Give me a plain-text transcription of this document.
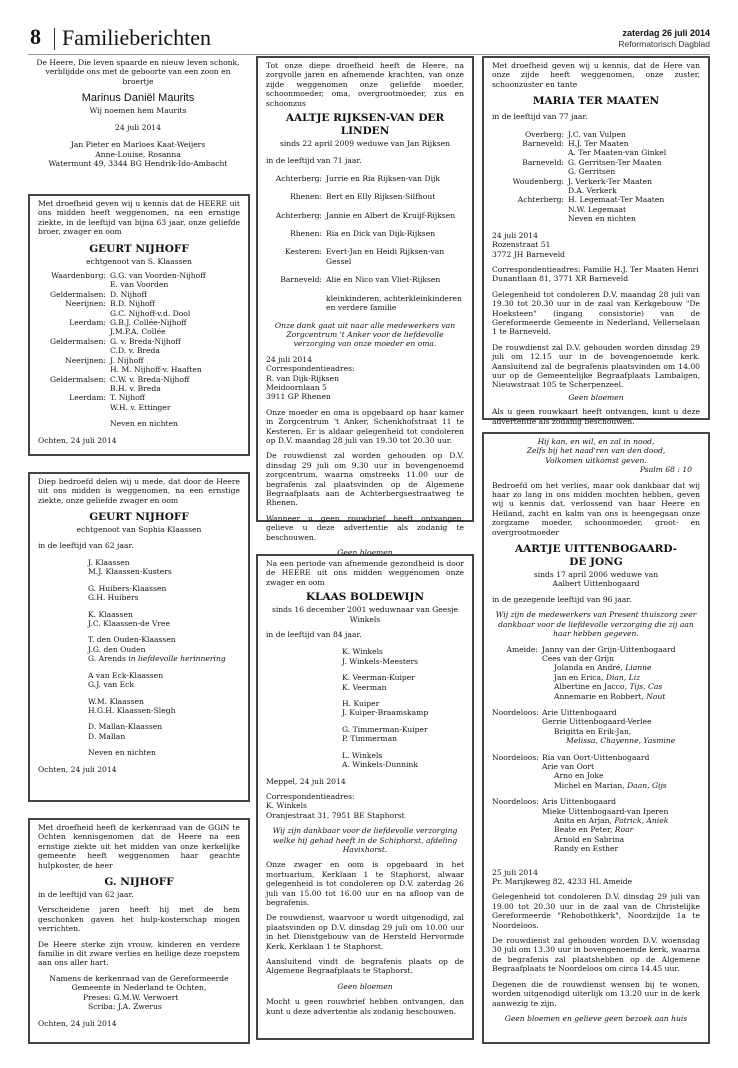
8 Familieberichten	zaterdag 26 juli 2014
Reformatorisch Dagblad

De Heere, Die leven spaarde en nieuw leven schonk, verblijdde ons met de geboorte van een zoon en broertje

Marinus Daniël Maurits
Wij noemen hem Maurits
24 juli 2014
Jan Pieter en Marloes Kaat-Weijers
Anne-Louise, Rosanna
Watermunt 49, 3344 BG Hendrik-Ido-Ambacht

Met droefheid geven wij u kennis dat de HEERE uit ons midden heeft weggenomen, na een ernstige ziekte, in de leeftijd van bijna 63 jaar, onze geliefde broer, zwager en oom

GEURT NIJHOFF
echtgenoot van S. Klaassen
Waardenburg: G.G. van Voorden-Nijhoff
E. van Voorden
Geldermalsen: D. Nijhoff
Neerijnen: B.D. Nijhoff
G.C. Nijhoff-v.d. Dool
Leerdam: G.B.J. Collée-Nijhoff
J.M.P.A. Collée
Geldermalsen: G. v. Breda-Nijhoff
C.D. v. Breda
Neerijnen: J. Nijhoff
H. M. Nijhoff-v. Haaften
Geldermalsen: C.W. v. Breda-Nijhoff
B.H. v. Breda
Leerdam: T. Nijhoff
W.H. v. Ettinger
Neven en nichten
Ochten, 24 juli 2014

Diep bedroefd delen wij u mede, dat door de Heere uit ons midden is weggenomen, na een ernstige ziekte, onze geliefde zwager en oom

GEURT NIJHOFF
echtgenoot van Sophia Klaassen
in de leeftijd van 62 jaar.
J. Klaassen
M.J. Klaassen-Kusters
G. Huibers-Klaassen
G.H. Huibers
K. Klaassen
J.C. Klaassen-de Vree
T. den Ouden-Klaassen
J.G. den Ouden
G. Arends in liefdevolle herinnering
A van Eck-Klaassen
G.J. van Eck
W.M. Klaassen
H.G.H. Klaassen-Slegh
D. Mallan-Klaassen
D. Mallan
Neven en nichten
Ochten, 24 juli 2014

Met droefheid heeft de kerkenraad van de GGiN te Ochten kennisgenomen dat de Heere na een ernstige ziekte uit het midden van onze kerkelijke gemeente heeft weggenomen haar geachte hulpkoster, de heer

G. NIJHOFF
in de leeftijd van 62 jaar.

Verscheidene jaren heeft hij met de hem geschonken gaven het hulp-kosterschap mogen verrichten.

De Heere sterke zijn vrouw, kinderen en verdere familie in dit zware verlies en heilige deze roepstem aan ons aller hart.

Namens de kerkenraad van de Gereformeerde Gemeente in Nederland te Ochten,
Preses: G.M.W. Verwoert
Scriba: J.A. Zwerus
Ochten, 24 juli 2014

Tot onze diepe droefheid heeft de Heere, na zorgvolle jaren en afnemende krachten, van onze zijde weggenomen onze geliefde moeder, schoonmoeder, oma, overgrootmoeder, zus en schoonzus

AALTJE RIJKSEN-VAN DER LINDEN
sinds 22 april 2009 weduwe van Jan Rijksen
in de leeftijd van 71 jaar.
Achterberg: Jurrie en Ria Rijksen-van Dijk
Rhenen: Bert en Elly Rijksen-Silfhout
Achterberg: Jannie en Albert de Kruijf-Rijksen
Rhenen: Ria en Dick van Dijk-Rijksen
Kesteren: Evert-Jan en Heidi Rijksen-van Gessel
Barneveld: Alie en Nico van Vliet-Rijksen
kleinkinderen, achterkleinkinderen
en verdere familie

Onze dank gaat uit naar alle medewerkers van Zorgcentrum 't Anker voor de liefdevolle verzorging van onze moeder en oma.

24 juli 2014
Correspondentieadres:
R. van Dijk-Rijksen
Meidoornlaan 5
3911 GP Rhenen

Onze moeder en oma is opgebaard op haar kamer in Zorgcentrum 't Anker, Schenkhofstraat 11 te Kesteren. Er is aldaar gelegenheid tot condoleren op D.V. maandag 28 juli van 19.30 tot 20.30 uur.

De rouwdienst zal worden gehouden op D.V. dinsdag 29 juli om 9.30 uur in bovengenoemd zorgcentrum, waarna omstreeks 11.00 uur de begrafenis zal plaatsvinden op de Algemene Begraafplaats aan de Achterbergsestraatweg te Rhenen.

Wanneer u geen rouwbrief heeft ontvangen, gelieve u deze advertentie als zodanig te beschouwen.

Geen bloemen

Na een periode van afnemende gezondheid is door de HEERE uit ons midden weggenomen onze zwager en oom

KLAAS BOLDEWIJN
sinds 16 december 2001 weduwnaar van Geesje Winkels
in de leeftijd van 84 jaar.
K. Winkels
J. Winkels-Meesters
K. Veerman-Kuiper
K. Veerman
H. Kuiper
J. Kuiper-Braamskamp
G. Timmerman-Kuiper
P. Timmerman
L. Winkels
A. Winkels-Dunnink
Meppel, 24 juli 2014
Correspondentieadres:
K. Winkels
Oranjestraat 31, 7951 BE Staphorst

Wij zijn dankbaar voor de liefdevolle verzorging welke hij gehad heeft in de Schiphorst, afdeling Havixhorst.

Onze zwager en oom is opgebaard in het mortuarium, Kerklaan 1 te Staphorst, alwaar gelegenheid is tot condoleren op D.V. zaterdag 26 juli van 15.00 tot 16.00 uur en na afloop van de begrafenis.

De rouwdienst, waarvoor u wordt uitgenodigd, zal plaatsvinden op D.V. dinsdag 29 juli om 10.00 uur in het Dienstgebouw van de Hersteld Hervormde Kerk, Kerklaan 1 te Staphorst.

Aansluitend vindt de begrafenis plaats op de Algemene Begraafplaats te Staphorst.

Geen bloemen

Mocht u geen rouwbrief hebben ontvangen, dan kunt u deze advertentie als zodanig beschouwen.

Met droefheid geven wij u kennis, dat de Here van onze zijde heeft weggenomen, onze zuster, schoonzuster en tante

MARIA TER MAATEN
in de leeftijd van 77 jaar.
Overberg: J.C. van Vulpen
Barneveld: H.J. Ter Maaten
A. Ter Maaten-van Ginkel
Barneveld: G. Gerritsen-Ter Maaten
G. Gerritsen
Woudenberg: J. Verkerk-Ter Maaten
D.A. Verkerk
Achterberg: H. Legemaat-Ter Maaten
N.W. Legemaat
Neven en nichten
24 juli 2014
Rozenstraat 51
3772 JH Barneveld

Correspondentieadres: Familie H.J. Ter Maaten Henri Dunantlaan 81, 3771 XR Barneveld

Gelegenheid tot condoleren D.V. maandag 28 juli van 19.30 tot 20.30 uur in de zaal van Kerkgebouw "De Hoeksteen" (ingang consistorie) van de Gereformeerde Gemeente in Nederland, Vellerselaan 1 te Barneveld.

De rouwdienst zal D.V. gehouden worden dinsdag 29 juli om 12.15 uur in de bovengenoemde kerk. Aansluitend zal de begrafenis plaatsvinden om 14.00 uur op de Gemeentelijke Begraafplaats Lambalgen, Nieuwstraat 105 te Scherpenzeel.

Geen bloemen

Als u geen rouwkaart heeft ontvangen, kunt u deze advertentie als zodanig beschouwen.

Hij kan, en wil, en zal in nood,
Zelfs bij het naad'ren van den dood,
Volkomen uitkomst geven.
Psalm 68 : 10

Bedroefd om het verlies, maar ook dankbaar dat wij haar zo lang in ons midden mochten hebben, geven wij u kennis dat, verlossend van haar Heere en Heiland, zacht en kalm van ons is heengegaan onze zorgzame moeder, schoonmoeder, groot- en overgrootmoeder

AARTJE UITTENBOGAARD-
DE JONG
sinds 17 april 2006 weduwe van
Aalbert Uittenbogaard
in de gezegende leeftijd van 96 jaar.

Wij zijn de medewerkers van Present thuiszorg zeer dankbaar voor de liefdevolle verzorging die zij aan haar hebben gegeven.

Ameide: Janny van der Grijn-Uittenbogaard
Cees van der Grijn
Jolanda en André, Lianne
Jan en Erica, Dian, Liz
Albertine en Jacco, Tijs, Cas
Annemarie en Robbert, Nout
Noordeloos: Arie Uittenbogaard
Gerrie Uittenbogaard-Verlee
Brigitta en Erik-Jan,
Melissa, Chayenne, Yasmine
Noordeloos: Ria van Oort-Uittenbogaard
Arie van Oort
Arno en Joke
Michel en Marian, Daan, Gijs
Noordeloos: Aris Uittenbogaard
Mieke Uittenbogaard-van Iperen
Anita en Arjan, Patrick, Aniek
Beate en Peter, Roar
Arnold en Sabrina
Randy en Esther
25 juli 2014
Pr. Marijkeweg 82, 4233 HL Ameide

Gelegenheid tot condoleren D.V. dinsdag 29 juli van 19.00 tot 20.30 uur in de zaal van de Christelijke Gereformeerde "Rehobothkerk", Noordzijde 1a te Noordeloos.

De rouwdienst zal gehouden worden D.V. woensdag 30 juli om 13.30 uur in bovengenoemde kerk, waarna de begrafenis zal plaatshebben op de Algemene Begraafplaats te Noordeloos om circa 14.45 uur.

Degenen die de rouwdienst wensen bij te wonen, worden uitgenodigd uiterlijk om 13.20 uur in de kerk aanwezig te zijn.

Geen bloemen en gelieve geen bezoek aan huis
